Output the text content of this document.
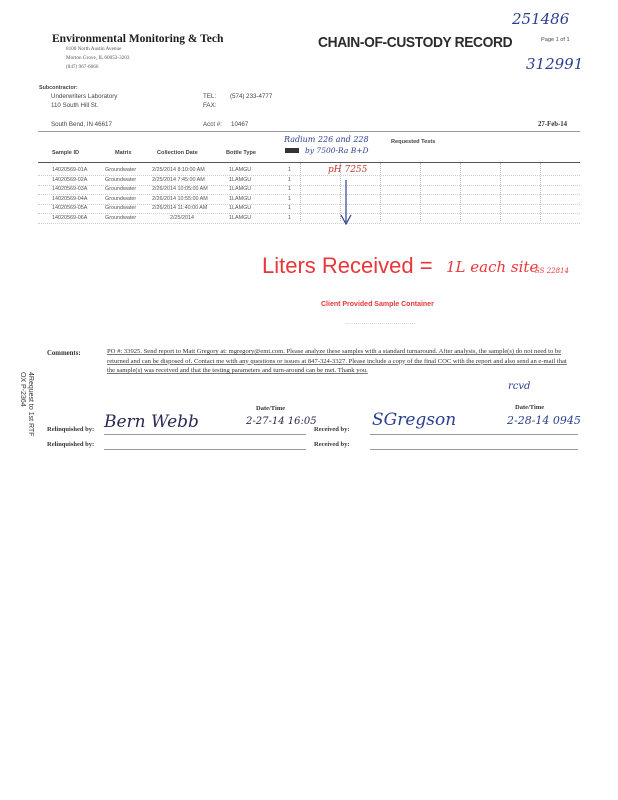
251486
312991
Environmental Monitoring & Tech
8100 North Austin Avenue
Morton Grove, IL 60053-3203
(847) 967-6666
CHAIN-OF-CUSTODY RECORD	Page 1 of 1
Subcontractor:
Underwriters Laboratory
110 South Hill St.
TEL: (574) 233-4777
FAX:
South Bend, IN 46617	Acct #: 10467	27-Feb-14
Radium 226 and 228
by 7500-Ra B+D
Sample ID	Matrix	Collection Date	Bottle Type
Requested Tests
14020569-01A	Groundwater	2/25/2014 8:10:00 AM	1LAMGU	1
14020569-02A	Groundwater	2/25/2014 7:45:00 AM	1LAMGU	1
14020569-03A	Groundwater	2/26/2014 10:05:00 AM	1LAMGU	1
14020569-04A	Groundwater	2/26/2014 10:55:00 AM	1LAMGU	1
14020569-05A	Groundwater	2/26/2014 11:40:00 AM	1LAMGU	1
14020569-06A	Groundwater	2/25/2014	1LAMGU	1
pH 7255
Liters Received = 1L each site
SS 22814
Client Provided Sample Container
Comments:	PO #: 33925. Send report to Matt Gregory at: mgregory@emt.com. Please analyze these samples with a standard turnaround. After analysis, the sample(s) do not need to be returned and can be disposed of. Contact me with any questions or issues at 847-324-3327. Please include a copy of the final COC with the report and also send an e-mail that the sample(s) was received and that the testing parameters and turn-around can be met. Thank you.
rcvd
Date/Time	Date/Time
Relinquished by: Bern Webb	2-27-14 16:05
Received by: SGregson	2-28-14 0945
Relinquished by:	Received by:
4Request to 1st RTF
OX P-2364
